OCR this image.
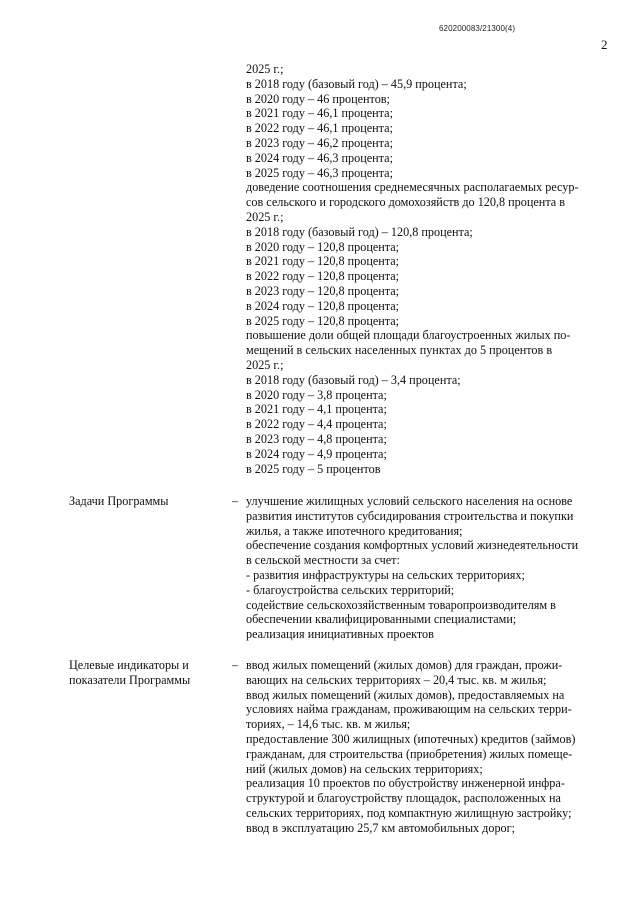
620200083/21300(4)
2
2025 г.;
в 2018 году (базовый год) – 45,9 процента;
в 2020 году – 46 процентов;
в 2021 году – 46,1 процента;
в 2022 году – 46,1 процента;
в 2023 году – 46,2 процента;
в 2024 году – 46,3 процента;
в 2025 году – 46,3 процента;
доведение соотношения среднемесячных располагаемых ресур-
сов сельского и городского домохозяйств до 120,8 процента в
2025 г.;
в 2018 году (базовый год) – 120,8 процента;
в 2020 году – 120,8 процента;
в 2021 году – 120,8 процента;
в 2022 году – 120,8 процента;
в 2023 году – 120,8 процента;
в 2024 году – 120,8 процента;
в 2025 году – 120,8 процента;
повышение доли общей площади благоустроенных жилых по-
мещений в сельских населенных пунктах до 5 процентов в
2025 г.;
в 2018 году (базовый год) – 3,4 процента;
в 2020 году – 3,8 процента;
в 2021 году – 4,1 процента;
в 2022 году – 4,4 процента;
в 2023 году – 4,8 процента;
в 2024 году – 4,9 процента;
в 2025 году – 5 процентов
Задачи Программы	– улучшение жилищных условий сельского населения на основе
развития институтов субсидирования строительства и покупки
жилья, а также ипотечного кредитования;
обеспечение создания комфортных условий жизнедеятельности
в сельской местности за счет:
- развития инфраструктуры на сельских территориях;
- благоустройства сельских территорий;
содействие сельскохозяйственным товаропроизводителям в
обеспечении квалифицированными специалистами;
реализация инициативных проектов
Целевые индикаторы и
показатели Программы
– ввод жилых помещений (жилых домов) для граждан, прожи-
вающих на сельских территориях – 20,4 тыс. кв. м жилья;
ввод жилых помещений (жилых домов), предоставляемых на
условиях найма гражданам, проживающим на сельских терри-
ториях, – 14,6 тыс. кв. м жилья;
предоставление 300 жилищных (ипотечных) кредитов (займов)
гражданам, для строительства (приобретения) жилых помеще-
ний (жилых домов) на сельских территориях;
реализация 10 проектов по обустройству инженерной инфра-
структурой и благоустройству площадок, расположенных на
сельских территориях, под компактную жилищную застройку;
ввод в эксплуатацию 25,7 км автомобильных дорог;
